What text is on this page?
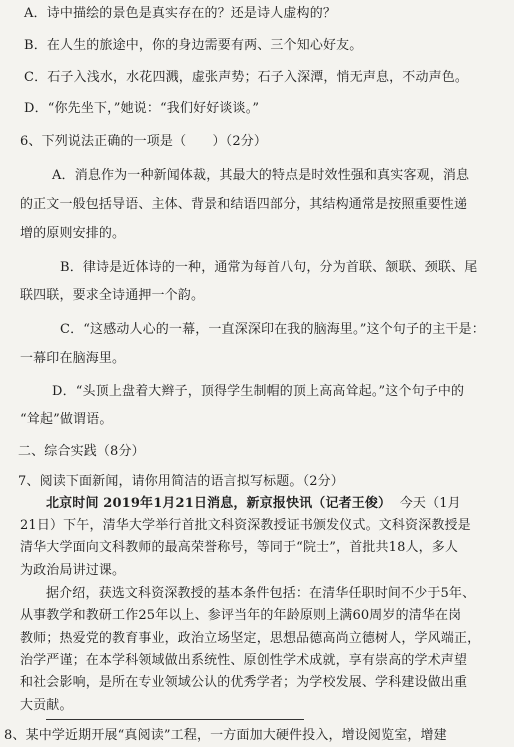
A．诗中描绘的景色是真实存在的？还是诗人虚构的？
B．在人生的旅途中，你的身边需要有两、三个知心好友。
C．石子入浅水，水花四溅，虚张声势；石子入深潭，悄无声息，不动声色。
D．“你先坐下，”她说：“我们好好谈谈。”
6、下列说法正确的一项是（　　）（2分）
A．消息作为一种新闻体裁，其最大的特点是时效性强和真实客观，消息
的正文一般包括导语、主体、背景和结语四部分，其结构通常是按照重要性递
增的原则安排的。
B．律诗是近体诗的一种，通常为每首八句，分为首联、颔联、颈联、尾
联四联，要求全诗通押一个韵。
C．“这感动人心的一幕，一直深深印在我的脑海里。”这个句子的主干是：
一幕印在脑海里。
D．“头顶上盘着大辫子，顶得学生制帽的顶上高高耸起。”这个句子中的
“耸起”做谓语。
二、综合实践（8分）
7、阅读下面新闻，请你用简洁的语言拟写标题。（2分）
北京时间 2019年1月21日消息，新京报快讯（记者王俊） 今天（1月
21日）下午，清华大学举行首批文科资深教授证书颁发仪式。文科资深教授是
清华大学面向文科教师的最高荣誉称号，等同于“院士”，首批共18人，多人
为政治局讲过课。
据介绍，获选文科资深教授的基本条件包括：在清华任职时间不少于5年、
从事教学和教研工作25年以上、参评当年的年龄原则上满60周岁的清华在岗
教师；热爱党的教育事业，政治立场坚定，思想品德高尚立德树人，学风端正，
治学严谨；在本学科领域做出系统性、原创性学术成就，享有崇高的学术声望
和社会影响，是所在专业领域公认的优秀学者；为学校发展、学科建设做出重
大贡献。
8、某中学近期开展“真阅读”工程，一方面加大硬件投入，增设阅览室，增建
